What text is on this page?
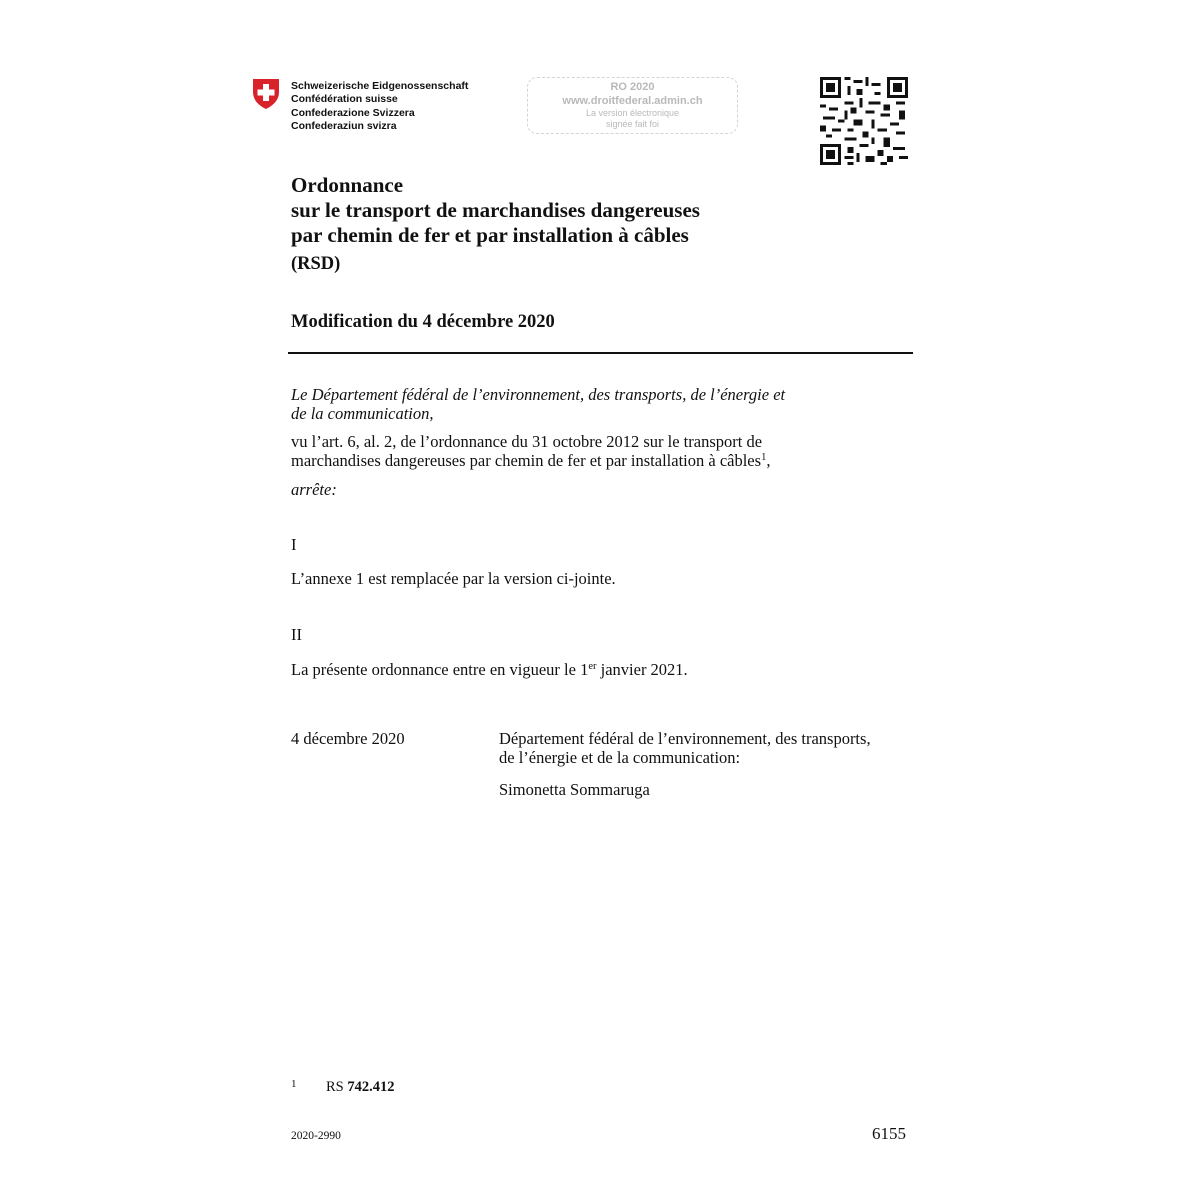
Schweizerische Eidgenossenschaft
Confédération suisse
Confederazione Svizzera
Confederaziun svizra
RO 2020
www.droitfederal.admin.ch
La version électronique
signée fait foi
Ordonnance
sur le transport de marchandises dangereuses
par chemin de fer et par installation à câbles
(RSD)
Modification du 4 décembre 2020
Le Département fédéral de l’environnement, des transports, de l’énergie et
de la communication,
vu l’art. 6, al. 2, de l’ordonnance du 31 octobre 2012 sur le transport de
marchandises dangereuses par chemin de fer et par installation à câbles$^1$,
arrête:
I
L’annexe 1 est remplacée par la version ci-jointe.
II
La présente ordonnance entre en vigueur le 1er janvier 2021.
4 décembre 2020	Département fédéral de l’environnement, des transports,
de l’énergie et de la communication:
Simonetta Sommaruga
1 RS 742.412
2020-2990	6155
